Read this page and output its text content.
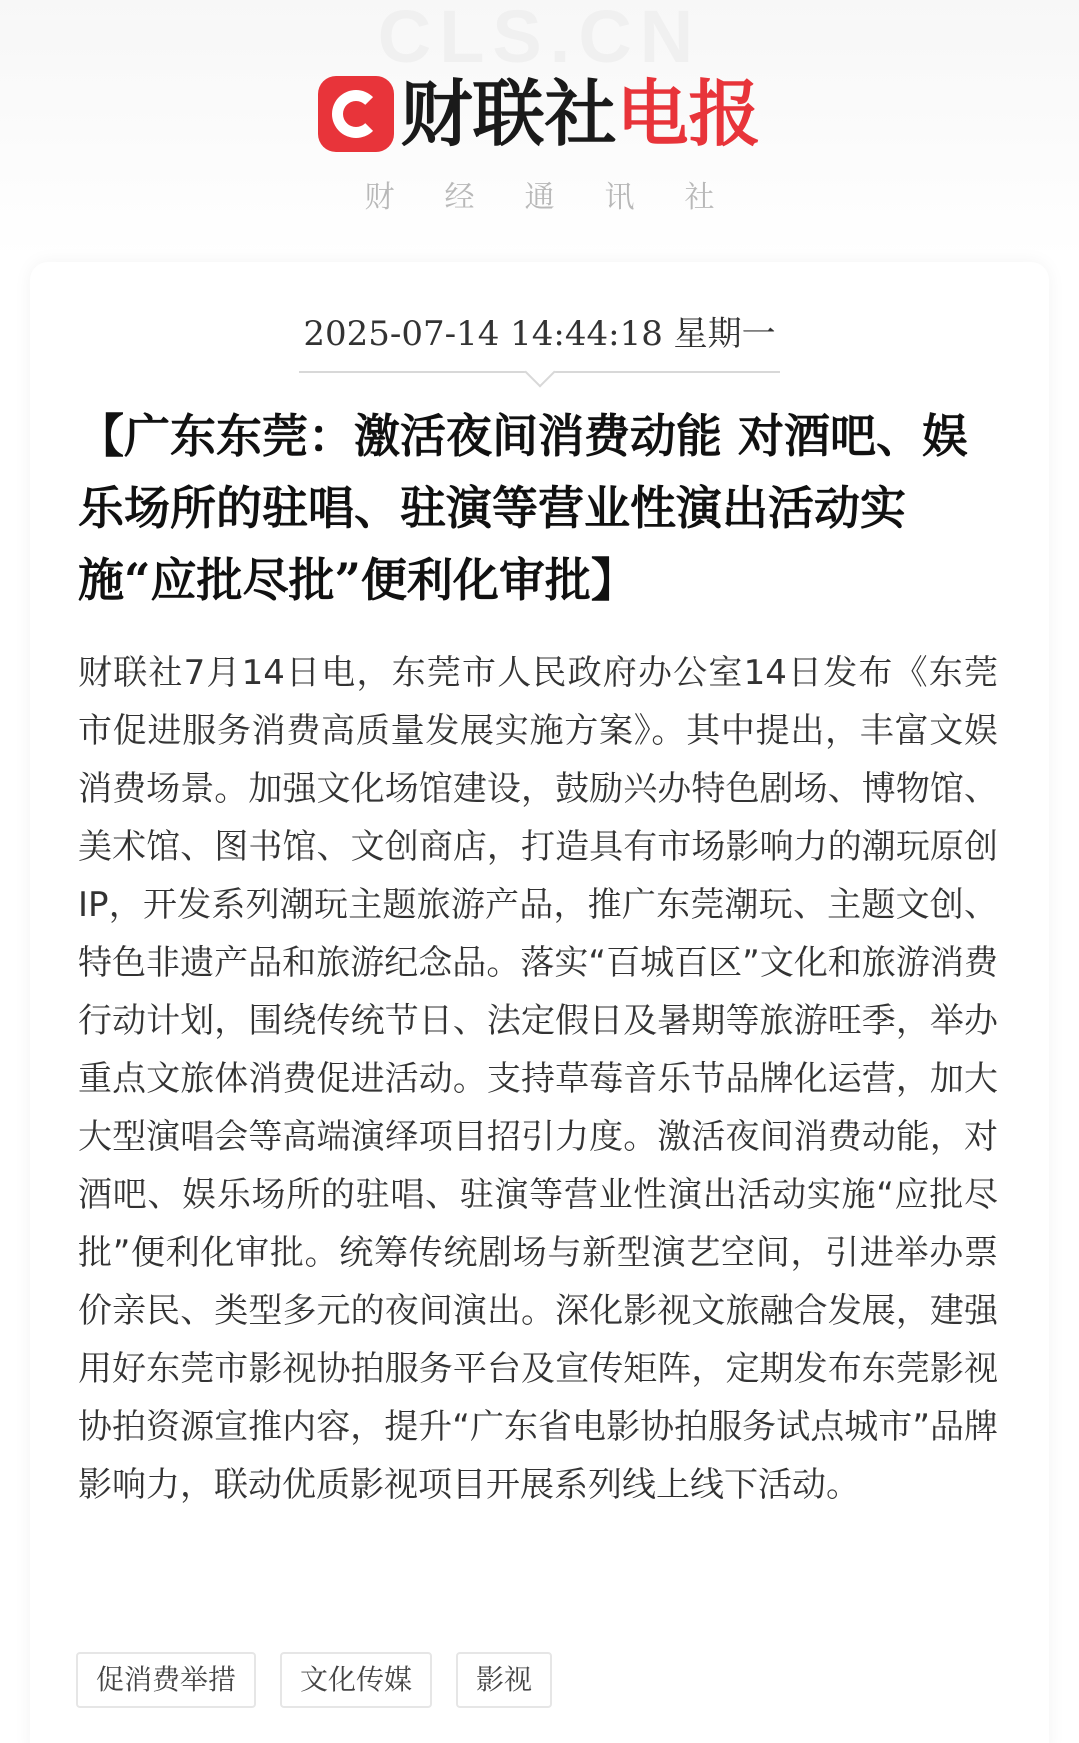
CLS.CN
财联社 电报
财经通讯社
2025-07-14 14:44:18 星期一
【广东东莞：激活夜间消费动能 对酒吧、娱乐场所的驻唱、驻演等营业性演出活动实施“应批尽批”便利化审批】
财联社7月14日电，东莞市人民政府办公室14日发布《东莞市促进服务消费高质量发展实施方案》。其中提出，丰富文娱消费场景。加强文化场馆建设，鼓励兴办特色剧场、博物馆、美术馆、图书馆、文创商店，打造具有市场影响力的潮玩原创IP，开发系列潮玩主题旅游产品，推广东莞潮玩、主题文创、特色非遗产品和旅游纪念品。落实“百城百区”文化和旅游消费行动计划，围绕传统节日、法定假日及暑期等旅游旺季，举办重点文旅体消费促进活动。支持草莓音乐节品牌化运营，加大大型演唱会等高端演绎项目招引力度。激活夜间消费动能，对酒吧、娱乐场所的驻唱、驻演等营业性演出活动实施“应批尽批”便利化审批。统筹传统剧场与新型演艺空间，引进举办票价亲民、类型多元的夜间演出。深化影视文旅融合发展，建强用好东莞市影视协拍服务平台及宣传矩阵，定期发布东莞影视协拍资源宣推内容，提升“广东省电影协拍服务试点城市”品牌影响力，联动优质影视项目开展系列线上线下活动。
促消费举措	文化传媒	影视
